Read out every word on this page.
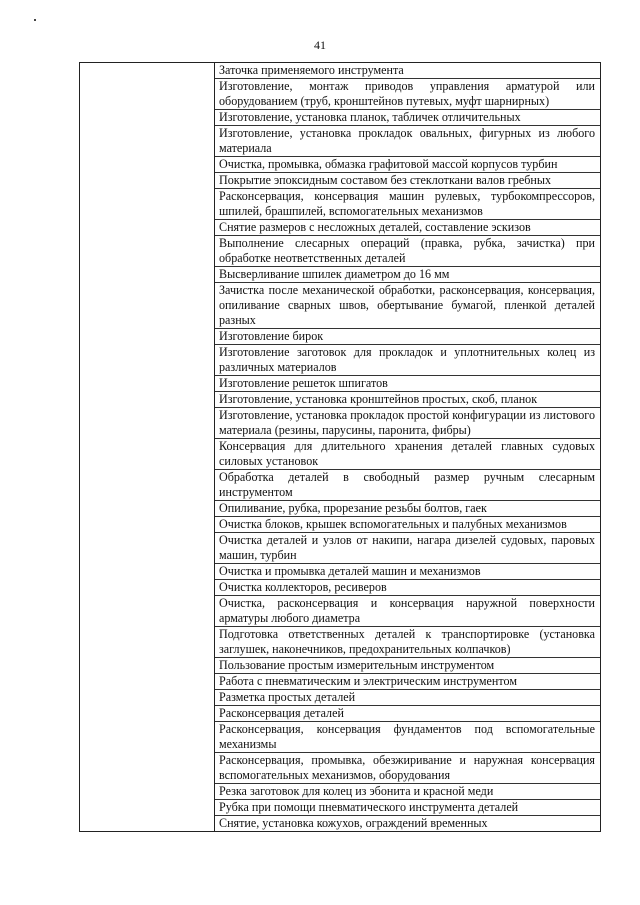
41
Заточка применяемого инструмента
Изготовление, монтаж приводов управления арматурой или оборудованием (труб, кронштейнов путевых, муфт шарнирных)
Изготовление, установка планок, табличек отличительных
Изготовление, установка прокладок овальных, фигурных из любого материала
Очистка, промывка, обмазка графитовой массой корпусов турбин
Покрытие эпоксидным составом без стеклоткани валов гребных
Расконсервация, консервация машин рулевых, турбокомпрессоров, шпилей, брашпилей, вспомогательных механизмов
Снятие размеров с несложных деталей, составление эскизов
Выполнение слесарных операций (правка, рубка, зачистка) при обработке неответственных деталей
Высверливание шпилек диаметром до 16 мм
Зачистка после механической обработки, расконсервация, консервация, опиливание сварных швов, обертывание бумагой, пленкой деталей разных
Изготовление бирок
Изготовление заготовок для прокладок и уплотнительных колец из различных материалов
Изготовление решеток шпигатов
Изготовление, установка кронштейнов простых, скоб, планок
Изготовление, установка прокладок простой конфигурации из листового материала (резины, парусины, паронита, фибры)
Консервация для длительного хранения деталей главных судовых силовых установок
Обработка деталей в свободный размер ручным слесарным инструментом
Опиливание, рубка, прорезание резьбы болтов, гаек
Очистка блоков, крышек вспомогательных и палубных механизмов
Очистка деталей и узлов от накипи, нагара дизелей судовых, паровых машин, турбин
Очистка и промывка деталей машин и механизмов
Очистка коллекторов, ресиверов
Очистка, расконсервация и консервация наружной поверхности арматуры любого диаметра
Подготовка ответственных деталей к транспортировке (установка заглушек, наконечников, предохранительных колпачков)
Пользование простым измерительным инструментом
Работа с пневматическим и электрическим инструментом
Разметка простых деталей
Расконсервация деталей
Расконсервация, консервация фундаментов под вспомогательные механизмы
Расконсервация, промывка, обезжиривание и наружная консервация вспомогательных механизмов, оборудования
Резка заготовок для колец из эбонита и красной меди
Рубка при помощи пневматического инструмента деталей
Снятие, установка кожухов, ограждений временных
